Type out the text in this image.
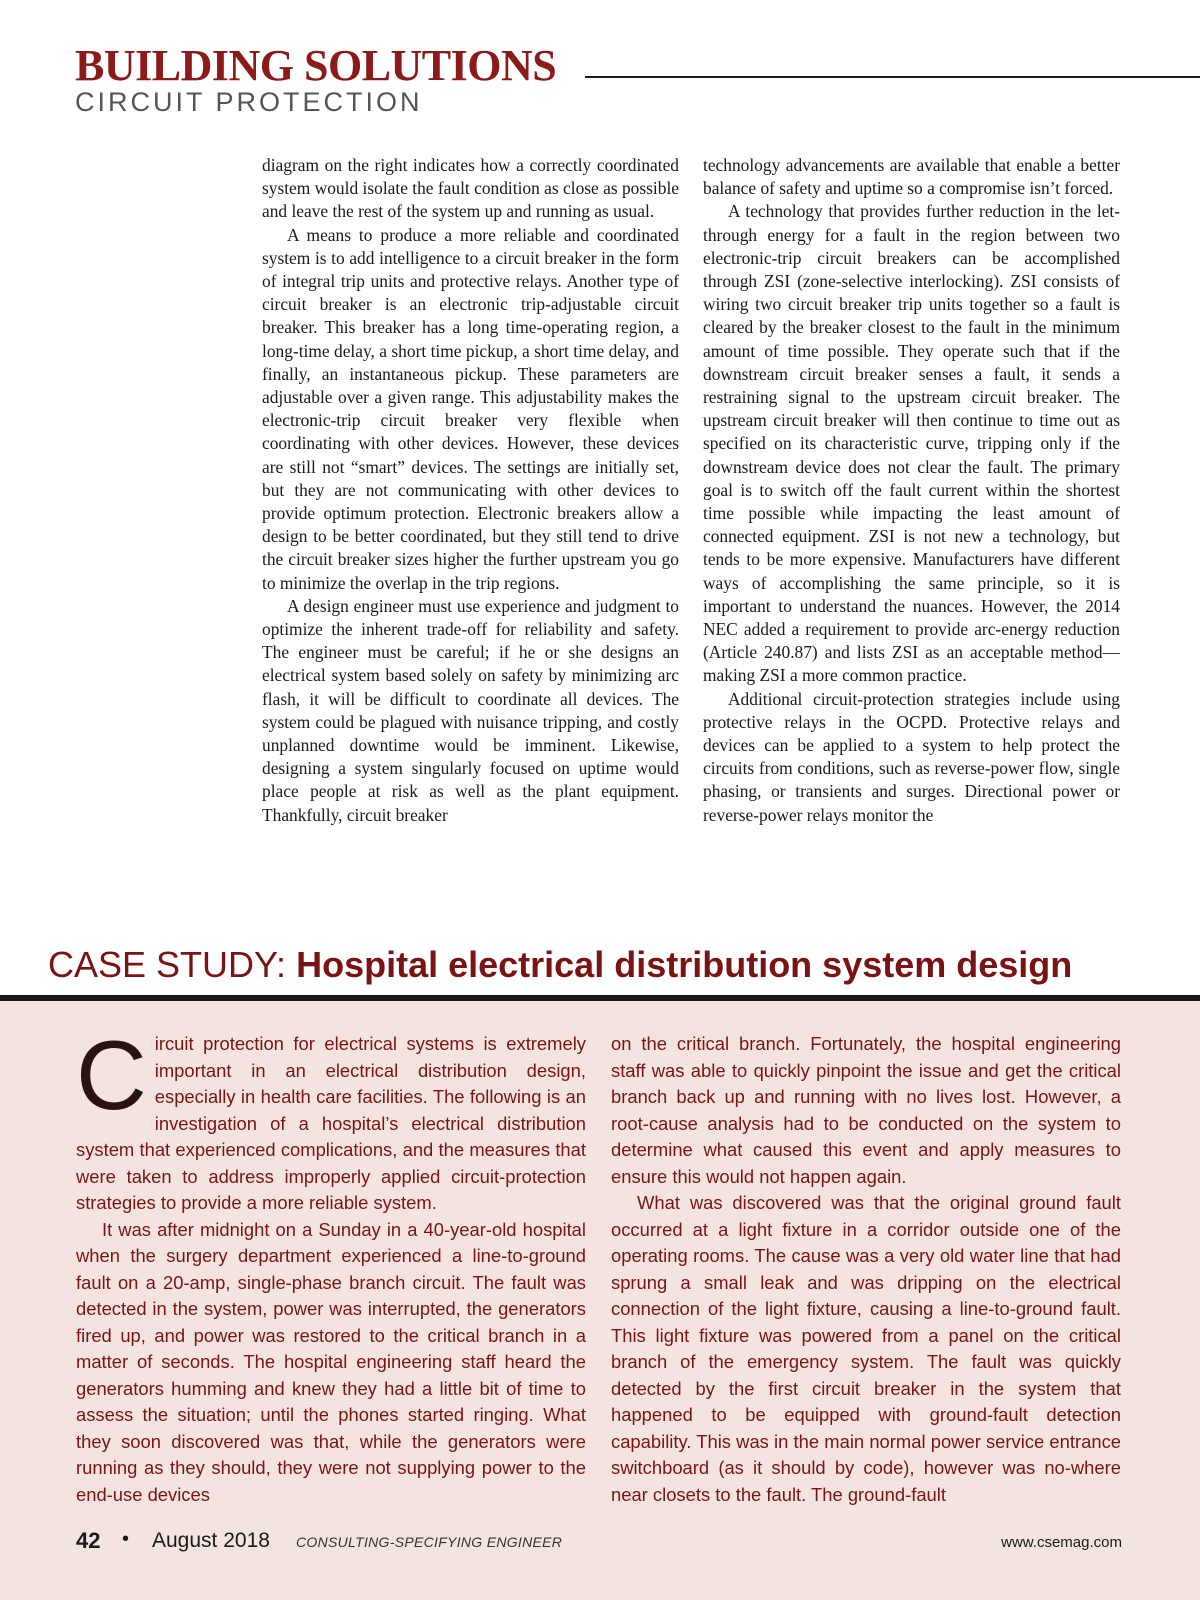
BUILDING SOLUTIONS
CIRCUIT PROTECTION

diagram on the right indicates how a correctly coordinated system would isolate the fault condition as close as possible and leave the rest of the system up and running as usual.

A means to produce a more reliable and coordinated system is to add intelligence to a circuit breaker in the form of integral trip units and protective relays. Another type of circuit breaker is an electronic trip-adjustable circuit breaker. This breaker has a long time-operating region, a long-time delay, a short time pickup, a short time delay, and finally, an instantaneous pickup. These parameters are adjustable over a given range. This adjustability makes the electronic-trip circuit breaker very flexible when coordinating with other devices. However, these devices are still not “smart” devices. The settings are initially set, but they are not communicating with other devices to provide optimum protection. Electronic breakers allow a design to be better coordinated, but they still tend to drive the circuit breaker sizes higher the further upstream you go to minimize the overlap in the trip regions.

A design engineer must use experience and judgment to optimize the inherent trade-off for reliability and safety. The engineer must be careful; if he or she designs an electrical system based solely on safety by minimizing arc flash, it will be difficult to coordinate all devices. The system could be plagued with nuisance tripping, and costly unplanned downtime would be imminent. Likewise, designing a system singularly focused on uptime would place people at risk as well as the plant equipment. Thankfully, circuit breaker

technology advancements are available that enable a better balance of safety and uptime so a compromise isn’t forced.

A technology that provides further reduction in the let-through energy for a fault in the region between two electronic-trip circuit breakers can be accomplished through ZSI (zone-selective interlocking). ZSI consists of wiring two circuit breaker trip units together so a fault is cleared by the breaker closest to the fault in the minimum amount of time possible. They operate such that if the downstream circuit breaker senses a fault, it sends a restraining signal to the upstream circuit breaker. The upstream circuit breaker will then continue to time out as specified on its characteristic curve, tripping only if the downstream device does not clear the fault. The primary goal is to switch off the fault current within the shortest time possible while impacting the least amount of connected equipment. ZSI is not new a technology, but tends to be more expensive. Manufacturers have different ways of accomplishing the same principle, so it is important to understand the nuances. However, the 2014 NEC added a requirement to provide arc-energy reduction (Article 240.87) and lists ZSI as an acceptable method—making ZSI a more common practice.

Additional circuit-protection strategies include using protective relays in the OCPD. Protective relays and devices can be applied to a system to help protect the circuits from conditions, such as reverse-power flow, single phasing, or transients and surges. Directional power or reverse-power relays monitor the

CASE STUDY: Hospital electrical distribution system design

Circuit protection for electrical systems is extremely important in an electrical distribution design, especially in health care facilities. The following is an investigation of a hospital’s electrical distribution system that experienced complications, and the measures that were taken to address improperly applied circuit-protection strategies to provide a more reliable system.

It was after midnight on a Sunday in a 40-year-old hospital when the surgery department experienced a line-to-ground fault on a 20-amp, single-phase branch circuit. The fault was detected in the system, power was interrupted, the generators fired up, and power was restored to the critical branch in a matter of seconds. The hospital engineering staff heard the generators humming and knew they had a little bit of time to assess the situation; until the phones started ringing. What they soon discovered was that, while the generators were running as they should, they were not supplying power to the end-use devices

on the critical branch. Fortunately, the hospital engineering staff was able to quickly pinpoint the issue and get the critical branch back up and running with no lives lost. However, a root-cause analysis had to be conducted on the system to determine what caused this event and apply measures to ensure this would not happen again.

What was discovered was that the original ground fault occurred at a light fixture in a corridor outside one of the operating rooms. The cause was a very old water line that had sprung a small leak and was dripping on the electrical connection of the light fixture, causing a line-to-ground fault. This light fixture was powered from a panel on the critical branch of the emergency system. The fault was quickly detected by the first circuit breaker in the system that happened to be equipped with ground-fault detection capability. This was in the main normal power service entrance switchboard (as it should by code), however was no-where near closets to the fault. The ground-fault

42 • August 2018 CONSULTING-SPECIFYING ENGINEER	www.csemag.com
